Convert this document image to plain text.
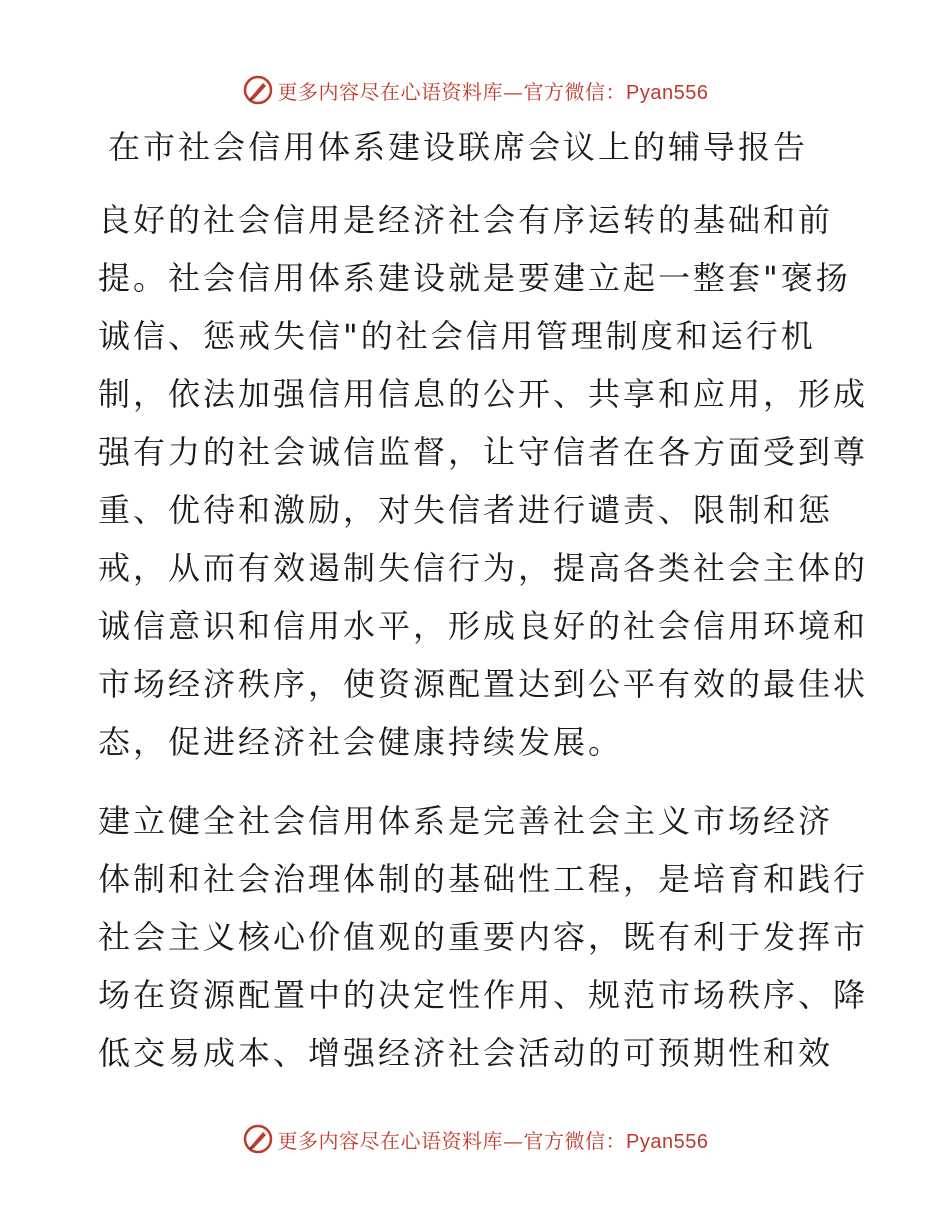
更多内容尽在心语资料库—官方微信：Pyan556
在市社会信用体系建设联席会议上的辅导报告
良好的社会信用是经济社会有序运转的基础和前
提。社会信用体系建设就是要建立起一整套"褒扬
诚信、惩戒失信"的社会信用管理制度和运行机
制，依法加强信用信息的公开、共享和应用，形成
强有力的社会诚信监督，让守信者在各方面受到尊
重、优待和激励，对失信者进行谴责、限制和惩
戒，从而有效遏制失信行为，提高各类社会主体的
诚信意识和信用水平，形成良好的社会信用环境和
市场经济秩序，使资源配置达到公平有效的最佳状
态，促进经济社会健康持续发展。
建立健全社会信用体系是完善社会主义市场经济
体制和社会治理体制的基础性工程，是培育和践行
社会主义核心价值观的重要内容，既有利于发挥市
场在资源配置中的决定性作用、规范市场秩序、降
低交易成本、增强经济社会活动的可预期性和效
更多内容尽在心语资料库—官方微信：Pyan556
